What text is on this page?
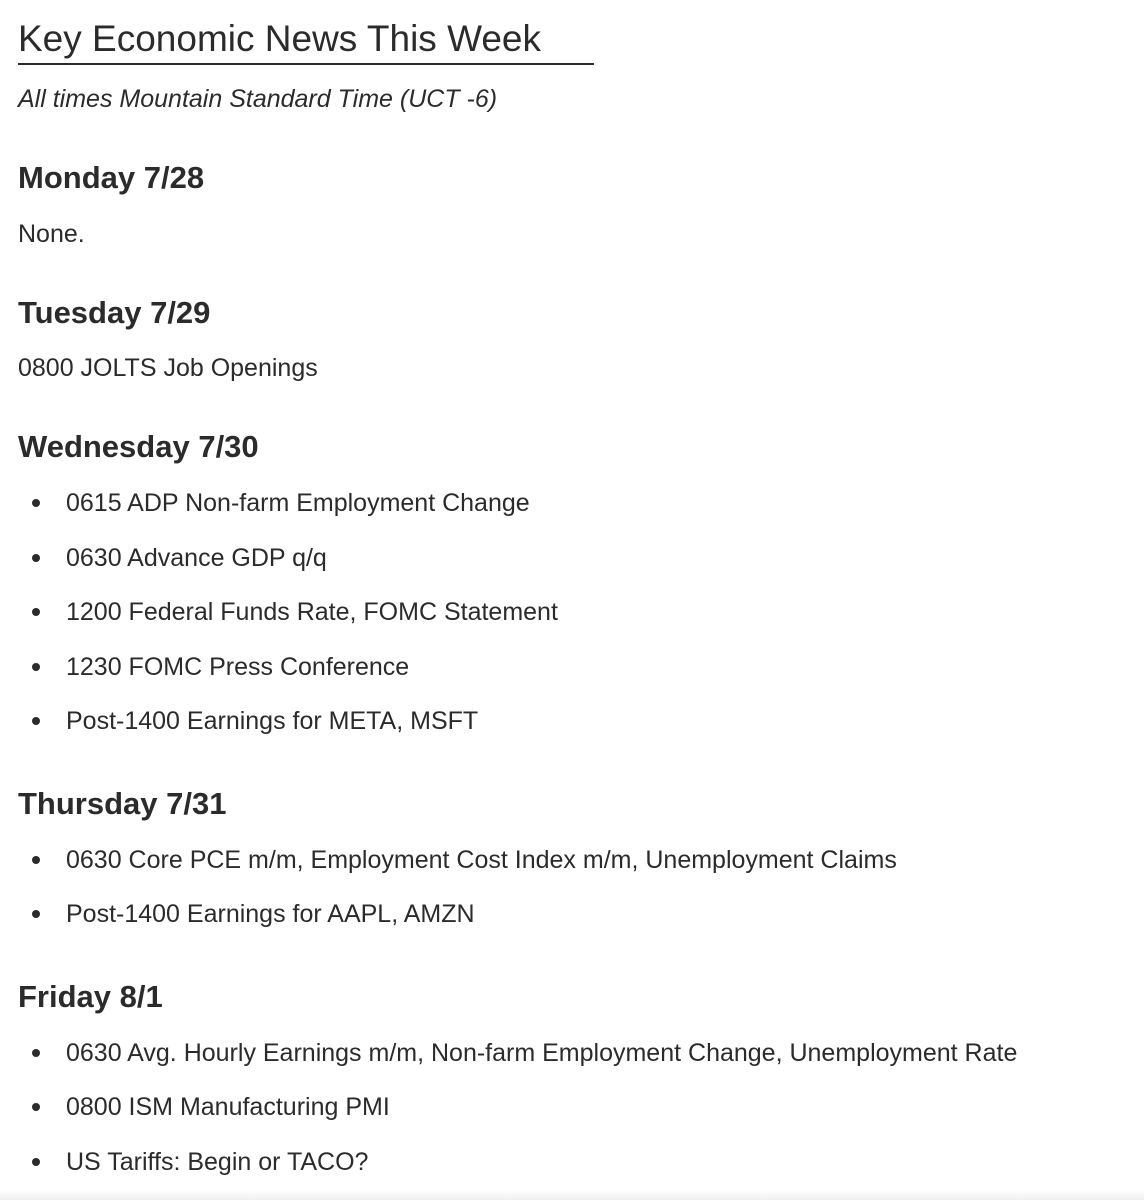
Key Economic News This Week

All times Mountain Standard Time (UCT -6)

Monday 7/28

None.

Tuesday 7/29

0800 JOLTS Job Openings

Wednesday 7/30
0615 ADP Non-farm Employment Change
0630 Advance GDP q/q
1200 Federal Funds Rate, FOMC Statement
1230 FOMC Press Conference
Post-1400 Earnings for META, MSFT
Thursday 7/31
0630 Core PCE m/m, Employment Cost Index m/m, Unemployment Claims
Post-1400 Earnings for AAPL, AMZN
Friday 8/1
0630 Avg. Hourly Earnings m/m, Non-farm Employment Change, Unemployment Rate
0800 ISM Manufacturing PMI
US Tariffs: Begin or TACO?
